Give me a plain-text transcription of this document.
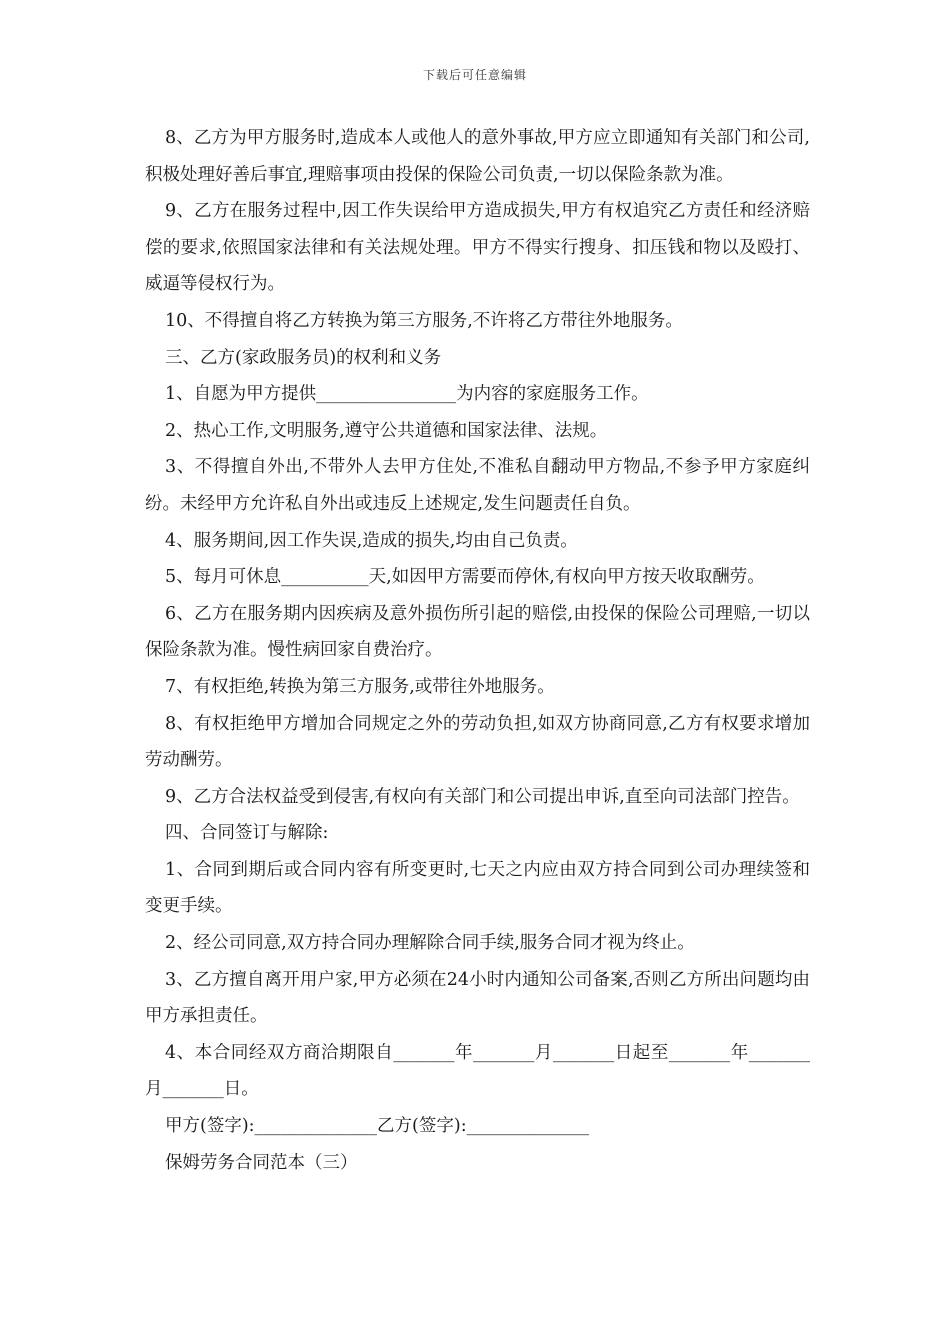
下载后可任意编辑

8、乙方为甲方服务时,造成本人或他人的意外事故,甲方应立即通知有关部门和公司,积极处理好善后事宜,理赔事项由投保的保险公司负责,一切以保险条款为准。

9、乙方在服务过程中,因工作失误给甲方造成损失,甲方有权追究乙方责任和经济赔偿的要求,依照国家法律和有关法规处理。甲方不得实行搜身、扣压钱和物以及殴打、威逼等侵权行为。

10、不得擅自将乙方转换为第三方服务,不许将乙方带往外地服务。

三、乙方(家政服务员)的权利和义务

1、自愿为甲方提供________________为内容的家庭服务工作。

2、热心工作,文明服务,遵守公共道德和国家法律、法规。

3、不得擅自外出,不带外人去甲方住处,不准私自翻动甲方物品,不参予甲方家庭纠纷。未经甲方允许私自外出或违反上述规定,发生问题责任自负。

4、服务期间,因工作失误,造成的损失,均由自己负责。

5、每月可休息__________天,如因甲方需要而停休,有权向甲方按天收取酬劳。

6、乙方在服务期内因疾病及意外损伤所引起的赔偿,由投保的保险公司理赔,一切以保险条款为准。慢性病回家自费治疗。

7、有权拒绝,转换为第三方服务,或带往外地服务。

8、有权拒绝甲方增加合同规定之外的劳动负担,如双方协商同意,乙方有权要求增加劳动酬劳。

9、乙方合法权益受到侵害,有权向有关部门和公司提出申诉,直至向司法部门控告。

四、合同签订与解除:

1、合同到期后或合同内容有所变更时,七天之内应由双方持合同到公司办理续签和变更手续。

2、经公司同意,双方持合同办理解除合同手续,服务合同才视为终止。

3、乙方擅自离开用户家,甲方必须在24小时内通知公司备案,否则乙方所出问题均由甲方承担责任。

4、本合同经双方商洽期限自_______年_______月_______日起至_______年_______月_______日。

甲方(签字):______________乙方(签字):______________

保姆劳务合同范本（三）
